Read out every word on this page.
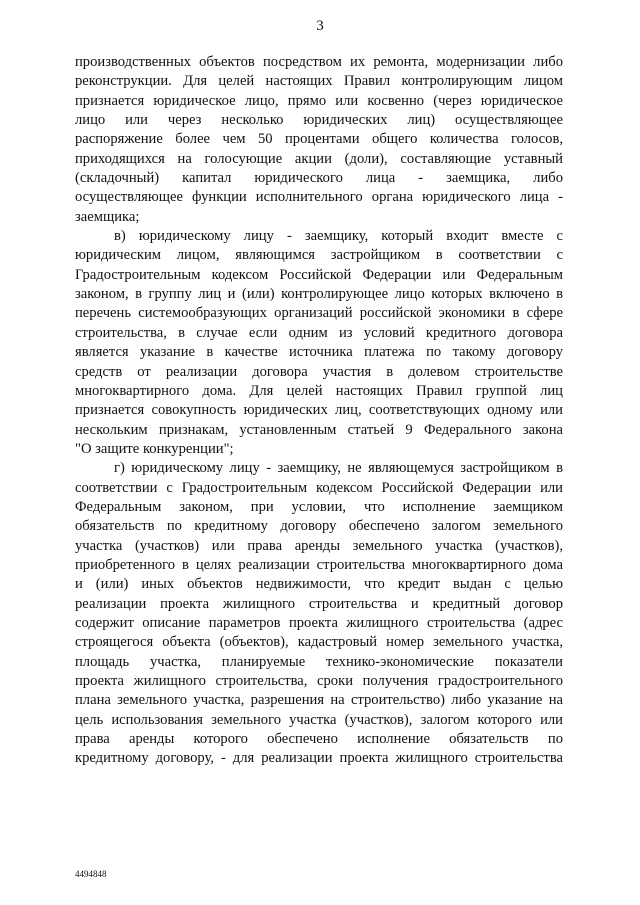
3
производственных объектов посредством их ремонта, модернизации либо
реконструкции. Для целей настоящих Правил контролирующим лицом
признается юридическое лицо, прямо или косвенно (через юридическое
лицо или через несколько юридических лиц) осуществляющее
распоряжение более чем 50 процентами общего количества голосов,
приходящихся на голосующие акции (доли), составляющие уставный
(складочный) капитал юридического лица - заемщика, либо
осуществляющее функции исполнительного органа юридического лица -
заемщика;
в) юридическому лицу - заемщику, который входит вместе с
юридическим лицом, являющимся застройщиком в соответствии с
Градостроительным кодексом Российской Федерации или Федеральным
законом, в группу лиц и (или) контролирующее лицо которых включено в
перечень системообразующих организаций российской экономики в сфере
строительства, в случае если одним из условий кредитного договора
является указание в качестве источника платежа по такому договору
средств от реализации договора участия в долевом строительстве
многоквартирного дома. Для целей настоящих Правил группой лиц
признается совокупность юридических лиц, соответствующих одному или
нескольким признакам, установленным статьей 9 Федерального закона
"О защите конкуренции";
г) юридическому лицу - заемщику, не являющемуся застройщиком в
соответствии с Градостроительным кодексом Российской Федерации или
Федеральным законом, при условии, что исполнение заемщиком
обязательств по кредитному договору обеспечено залогом земельного
участка (участков) или права аренды земельного участка (участков),
приобретенного в целях реализации строительства многоквартирного дома
и (или) иных объектов недвижимости, что кредит выдан с целью
реализации проекта жилищного строительства и кредитный договор
содержит описание параметров проекта жилищного строительства (адрес
строящегося объекта (объектов), кадастровый номер земельного участка,
площадь участка, планируемые технико-экономические показатели
проекта жилищного строительства, сроки получения градостроительного
плана земельного участка, разрешения на строительство) либо указание на
цель использования земельного участка (участков), залогом которого или
права аренды которого обеспечено исполнение обязательств по
кредитному договору, - для реализации проекта жилищного строительства
4494848
